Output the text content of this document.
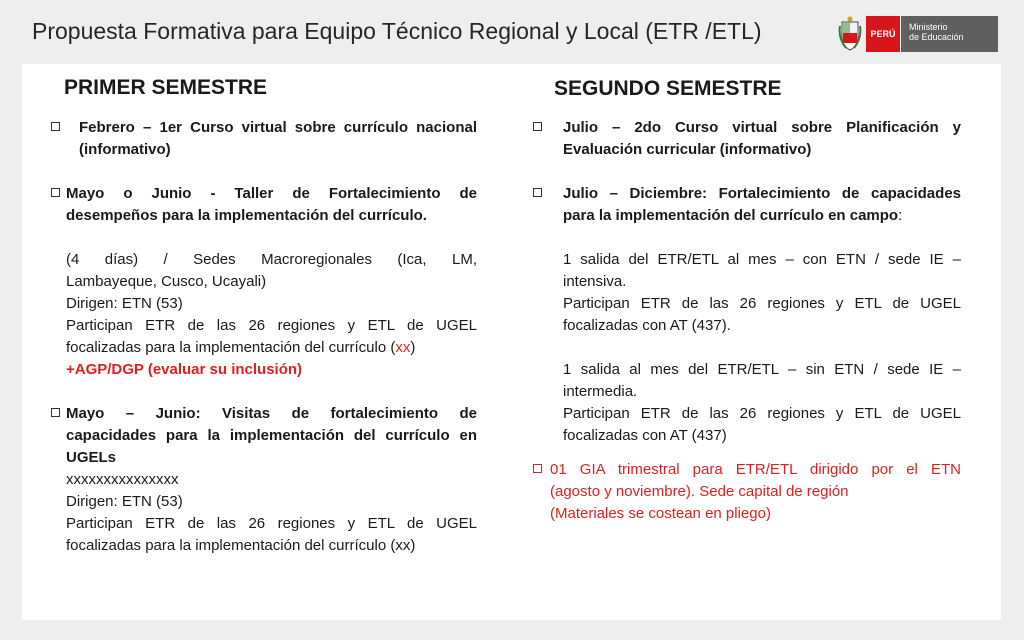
Propuesta Formativa para Equipo Técnico Regional y Local (ETR /ETL)	PERÚ
Ministerio
de Educación
PRIMER SEMESTRE	SEGUNDO SEMESTRE
Febrero – 1er Curso virtual sobre currículo nacional
(informativo)
Mayo o Junio - Taller de Fortalecimiento de
desempeños para la implementación del currículo.
(4 días) / Sedes Macroregionales (Ica, LM,
Lambayeque, Cusco, Ucayali)
Dirigen: ETN (53)
Participan ETR de las 26 regiones y ETL de UGEL
focalizadas para la implementación del currículo (xx)
+AGP/DGP (evaluar su inclusión)
Mayo – Junio: Visitas de fortalecimiento de
capacidades para la implementación del currículo en
UGELs
xxxxxxxxxxxxxxx
Dirigen: ETN (53)
Participan ETR de las 26 regiones y ETL de UGEL
focalizadas para la implementación del currículo (xx)
Julio – 2do Curso virtual sobre Planificación y
Evaluación curricular (informativo)
Julio – Diciembre: Fortalecimiento de capacidades
para la implementación del currículo en campo:
1 salida del ETR/ETL al mes – con ETN / sede IE –
intensiva.
Participan ETR de las 26 regiones y ETL de UGEL
focalizadas con AT (437).
1 salida al mes del ETR/ETL – sin ETN / sede IE –
intermedia.
Participan ETR de las 26 regiones y ETL de UGEL
focalizadas con AT (437)
01 GIA trimestral para ETR/ETL dirigido por el ETN
(agosto y noviembre). Sede capital de región
(Materiales se costean en pliego)
